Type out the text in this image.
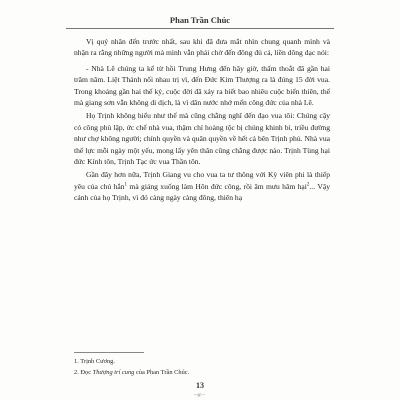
Phan Trần Chúc

Vị quý nhân đến trước nhất, sau khi đã đưa mắt nhìn chung quanh mình và nhận ra rằng những người mà mình vẫn phải chờ đến đông đủ cả, liền dõng dạc nói:

- Nhà Lê chúng ta kể từ hồi Trung Hưng đến hây giờ, thấm thoắt đã gần hai trăm năm. Liệt Thánh nối nhau trị vì, đến Đức Kim Thượng ra là đúng 15 đời vua. Trong khoảng gần hai thế kỷ, cuộc đời đã xảy ra biết bao nhiêu cuộc biến thiên, thế mà giang sơn vẫn không di dịch, là vì dân nước nhớ mến công đức của nhà Lê.

Họ Trịnh không hiểu như thế mà cũng chẳng nghĩ đến đạo vua tôi: Chúng cậy có công phù lập, ức chế nhà vua, thậm chí hoàng tộc bị chúng khinh bỉ, triều đường như chợ không người; chính quyền và quân quyền về hết cả bên Trịnh phủ. Nhà vua thế lực mỗi ngày một yếu, mong lấy yên thân cũng chẳng được nào. Trịnh Tùng hại đức Kính tôn, Trịnh Tạc ức vua Thần tôn.

Gần đây hơn nữa, Trịnh Giang vu cho vua ta tư thông với Kỳ viên phi là thiếp yêu của chú hắn$^1$ mà giáng xuống làm Hôn đức công, rồi âm mưu hãm hại$^2$... Vậy cánh của họ Trịnh, vì đó càng ngày càng đông, thiên hạ

1. Trịnh Cương.
2. Đọc Thượng trí cung của Phan Trần Chúc.
13
~@~
